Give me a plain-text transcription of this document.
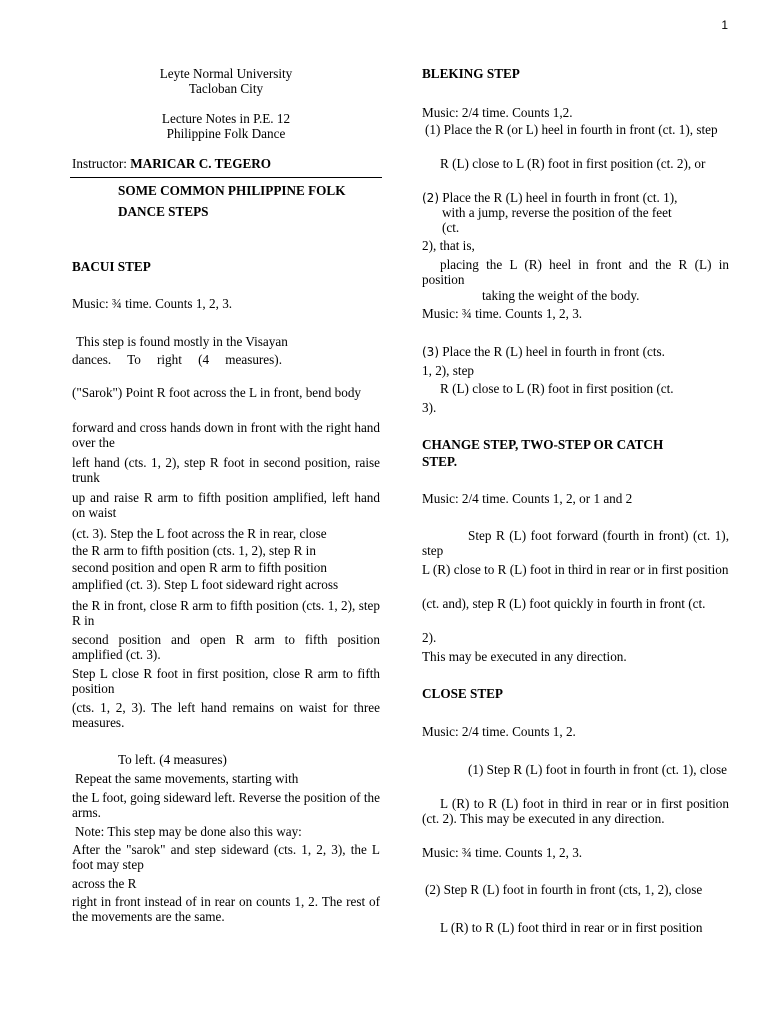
1
Leyte Normal University
Tacloban City
Lecture Notes in P.E. 12
Philippine Folk Dance
Instructor: MARICAR C. TEGERO
SOME COMMON PHILIPPINE FOLK
DANCE STEPS
BACUI STEP
Music: ¾ time. Counts 1, 2, 3.
This step is found mostly in the Visayan
dances. To right (4 measures).
("Sarok") Point R foot across the L in front, bend body
forward and cross hands down in front with the right hand over the
left hand (cts. 1, 2), step R foot in second position, raise trunk
up and raise R arm to fifth position amplified, left hand on waist
(ct. 3). Step the L foot across the R in rear, close
the R arm to fifth position (cts. 1, 2), step R in
second position and open R arm to fifth position
amplified (ct. 3). Step L foot sideward right across
the R in front, close R arm to fifth position (cts. 1, 2), step R in
second position and open R arm to fifth position amplified (ct. 3).
Step L close R foot in first position, close R arm to fifth position
(cts. 1, 2, 3). The left hand remains on waist for three measures.
To left. (4 measures)
Repeat the same movements, starting with
the L foot, going sideward left. Reverse the position of the arms.
Note: This step may be done also this way:
After the "sarok" and step sideward (cts. 1, 2, 3), the L foot may step
across the R
right in front instead of in rear on counts 1, 2. The rest of the movements are the same.
BLEKING STEP
Music: 2/4 time. Counts 1,2.
(1) Place the R (or L) heel in fourth in front (ct. 1), step
R (L) close to L (R) foot in first position (ct. 2), or
(2) Place the R (L) heel in fourth in front (ct. 1),
with a jump, reverse the position of the feet
(ct.
2), that is,
placing the L (R) heel in front and the R (L) in position
taking the weight of the body.
Music: ¾ time. Counts 1, 2, 3.
(3) Place the R (L) heel in fourth in front (cts.
1, 2), step
R (L) close to L (R) foot in first position (ct.
3).
CHANGE STEP, TWO-STEP OR CATCH
STEP.
Music: 2/4 time. Counts 1, 2, or 1 and 2
Step R (L) foot forward (fourth in front) (ct. 1), step
L (R) close to R (L) foot in third in rear or in first position
(ct. and), step R (L) foot quickly in fourth in front (ct.
2).
This may be executed in any direction.
CLOSE STEP
Music: 2/4 time. Counts 1, 2.
(1) Step R (L) foot in fourth in front (ct. 1), close
L (R) to R (L) foot in third in rear or in first position (ct. 2). This may be executed in any direction.
Music: ¾ time. Counts 1, 2, 3.
(2) Step R (L) foot in fourth in front (cts, 1, 2), close
L (R) to R (L) foot third in rear or in first position
